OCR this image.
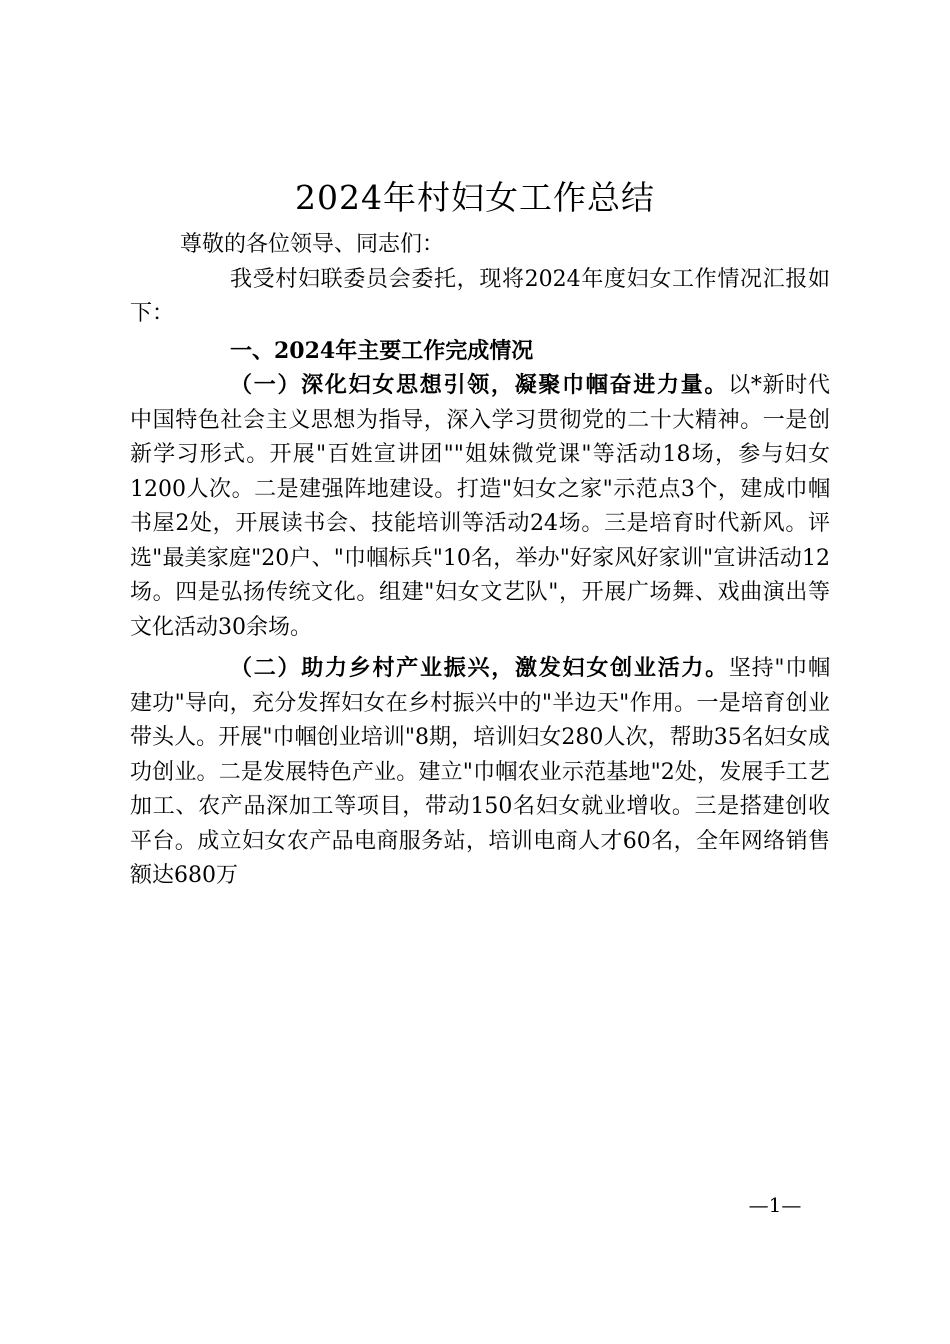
2024年村妇女工作总结

尊敬的各位领导、同志们：

我受村妇联委员会委托，现将2024年度妇女工作情况汇报如下：

一、2024年主要工作完成情况

（一）深化妇女思想引领，凝聚巾帼奋进力量。以*新时代中国特色社会主义思想为指导，深入学习贯彻党的二十大精神。一是创新学习形式。开展"百姓宣讲团""姐妹微党课"等活动18场，参与妇女1200人次。二是建强阵地建设。打造"妇女之家"示范点3个，建成巾帼书屋2处，开展读书会、技能培训等活动24场。三是培育时代新风。评选"最美家庭"20户、"巾帼标兵"10名，举办"好家风好家训"宣讲活动12场。四是弘扬传统文化。组建"妇女文艺队"，开展广场舞、戏曲演出等文化活动30余场。

（二）助力乡村产业振兴，激发妇女创业活力。坚持"巾帼建功"导向，充分发挥妇女在乡村振兴中的"半边天"作用。一是培育创业带头人。开展"巾帼创业培训"8期，培训妇女280人次，帮助35名妇女成功创业。二是发展特色产业。建立"巾帼农业示范基地"2处，发展手工艺加工、农产品深加工等项目，带动150名妇女就业增收。三是搭建创收平台。成立妇女农产品电商服务站，培训电商人才60名，全年网络销售额达680万

—1—
